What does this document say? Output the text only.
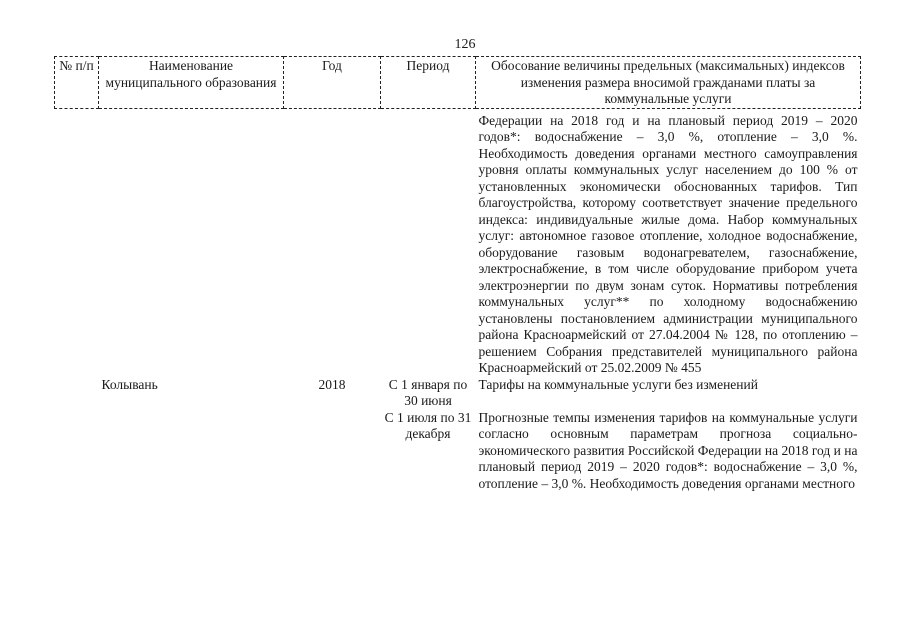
126
№ п/п	Наименование муниципального образования	Год	Период	Обосование величины предельных (максимальных) индексов изменения размера вносимой гражданами платы за коммунальные услуги

				Федерации на 2018 год и на плановый период 2019 – 2020 годов*: водоснабжение – 3,0 %, отопление – 3,0 %. Необходимость доведения органами местного самоуправления уровня оплаты коммунальных услуг населением до 100 % от установленных экономически обоснованных тарифов. Тип благоустройства, которому соответствует значение предельного индекса: индивидуальные жилые дома. Набор коммунальных услуг: автономное газовое отопление, холодное водоснабжение, оборудование газовым водонагревателем, газоснабжение, электроснабжение, в том числе оборудование прибором учета электроэнергии по двум зонам суток. Нормативы потребления коммунальных услуг** по холодному водоснабжению установлены постановлением администрации муниципального района Красноармейский от 27.04.2004 № 128, по отоплению – решением Собрания представителей муниципального района Красноармейский от 25.02.2009 № 455
	Колывань	2018	С 1 января по 30 июня	Тарифы на коммунальные услуги без изменений
			С 1 июля по 31 декабря	Прогнозные темпы изменения тарифов на коммунальные услуги согласно основным параметрам прогноза социально-экономического развития Российской Федерации на 2018 год и на плановый период 2019 – 2020 годов*: водоснабжение – 3,0 %, отопление – 3,0 %. Необходимость доведения органами местного
